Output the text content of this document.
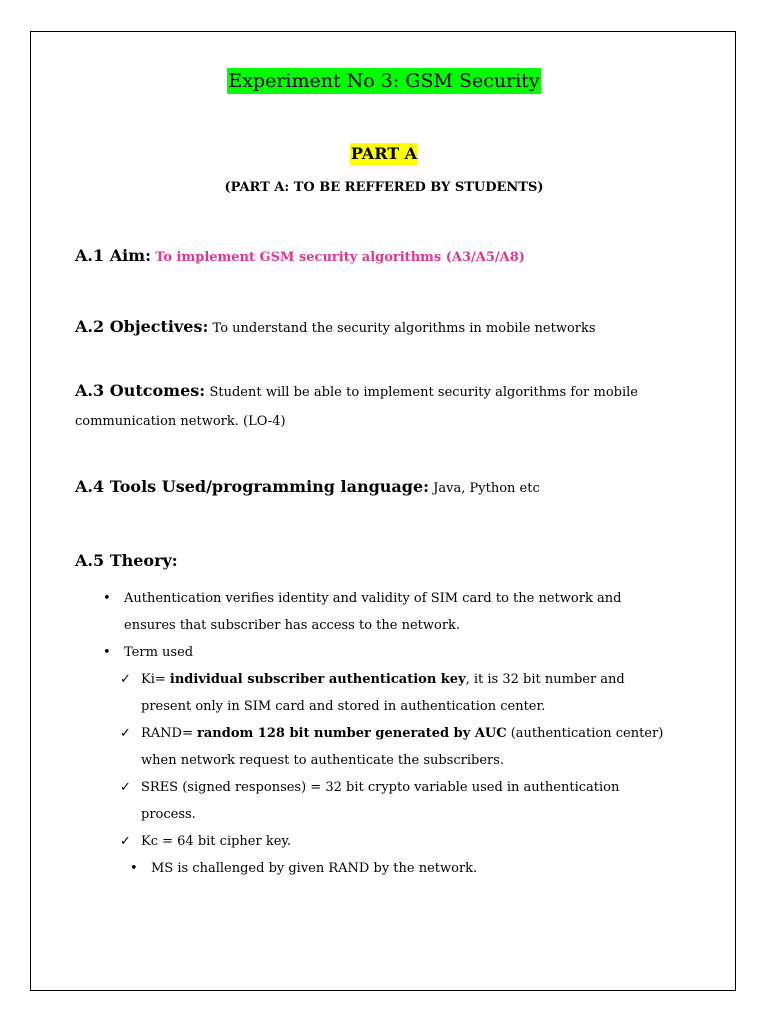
Experiment No 3: GSM Security
PART A
(PART A: TO BE REFFERED BY STUDENTS)
A.1 Aim: To implement GSM security algorithms (A3/A5/A8)
A.2 Objectives: To understand the security algorithms in mobile networks
A.3 Outcomes: Student will be able to implement security algorithms for mobile communication network. (LO-4)
A.4 Tools Used/programming language: Java, Python etc
A.5 Theory:
• Authentication verifies identity and validity of SIM card to the network and ensures that subscriber has access to the network.
• Term used
✓ Ki= individual subscriber authentication key, it is 32 bit number and present only in SIM card and stored in authentication center.
✓ RAND= random 128 bit number generated by AUC (authentication center) when network request to authenticate the subscribers.
✓ SRES (signed responses) = 32 bit crypto variable used in authentication process.
✓ Kc = 64 bit cipher key.
• MS is challenged by given RAND by the network.
